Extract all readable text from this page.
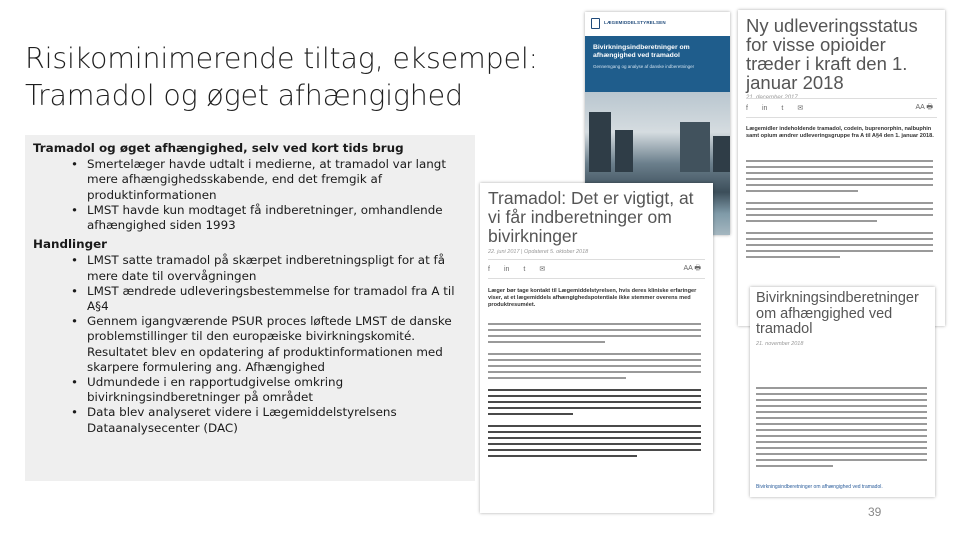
Risikominimerende tiltag, eksempel:
Tramadol og øget afhængighed
Tramadol og øget afhængighed, selv ved kort tids brug
• Smertelæger havde udtalt i medierne, at tramadol var langt mere afhængighedsskabende, end det fremgik af produktinformationen
• LMST havde kun modtaget få indberetninger, omhandlende afhængighed siden 1993
Handlinger
• LMST satte tramadol på skærpet indberetningspligt for at få mere date til overvågningen
• LMST ændrede udleveringsbestemmelse for tramadol fra A til A§4
• Gennem igangværende PSUR proces løftede LMST de danske problemstillinger til den europæiske bivirkningskomité. Resultatet blev en opdatering af produktinformationen med skarpere formulering ang. Afhængighed
• Udmundede i en rapportudgivelse omkring bivirkningsindberetninger på området
• Data blev analyseret videre i Lægemiddelstyrelsens Dataanalysecenter (DAC)
LÆGEMIDDELSTYRELSEN
Bivirkningsindberetninger om afhængighed ved tramadol
Gennemgang og analyse af danske indberetninger
Ny udleveringsstatus for visse opioider træder i kraft den 1. januar 2018
21. december 2017
f in t ✉	AA 🖶
Lægemidler indeholdende tramadol, codein, buprenorphin, nalbuphin samt opium ændrer udleveringsgruppe fra A til A§4 den 1. januar 2018.
Tramadol: Det er vigtigt, at vi får indberetninger om bivirkninger
22. juni 2017 | Opdateret 5. oktober 2018
f in t ✉	AA 🖶
Læger bør tage kontakt til Lægemiddelstyrelsen, hvis deres kliniske erfaringer viser, at et lægemiddels afhængighedspotentiale ikke stemmer overens med produktresuméet.	Bivirkningsindberetninger om afhængighed ved tramadol
21. november 2018
Bivirkningsindberetninger om afhængighed ved tramadol.
39
